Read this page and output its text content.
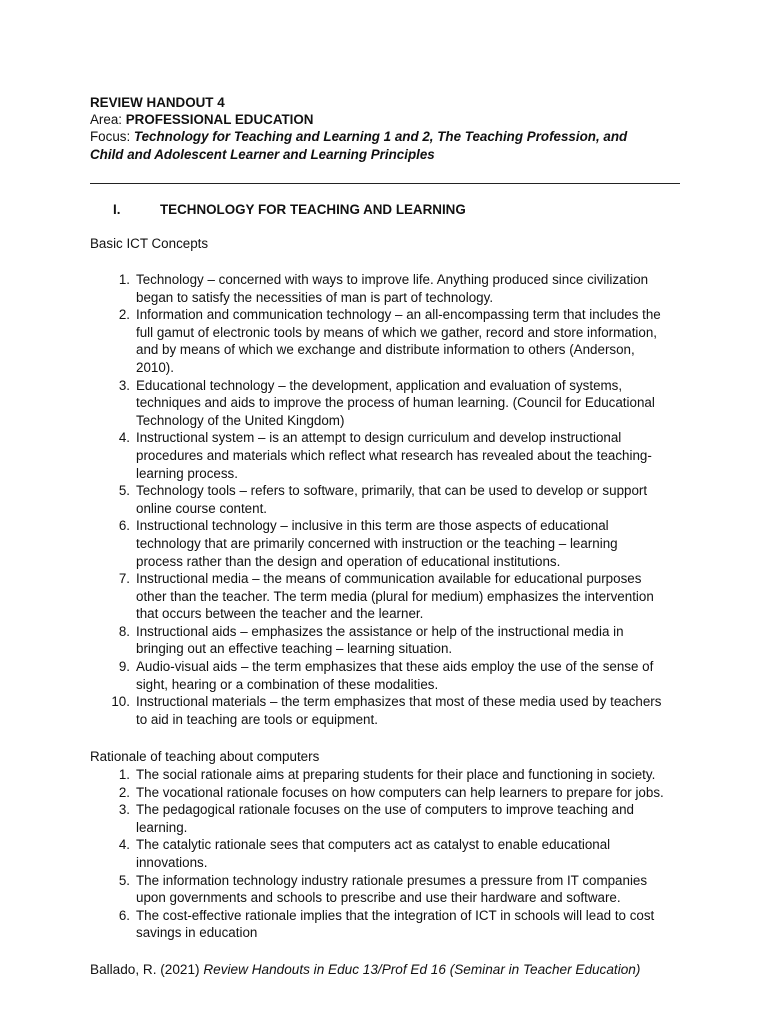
REVIEW HANDOUT 4
Area: PROFESSIONAL EDUCATION
Focus: Technology for Teaching and Learning 1 and 2, The Teaching Profession, and
Child and Adolescent Learner and Learning Principles
I.	TECHNOLOGY FOR TEACHING AND LEARNING
Basic ICT Concepts
1 . Technology – concerned with ways to improve life. Anything produced since civilization
began to satisfy the necessities of man is part of technology.
2 . Information and communication technology – an all-encompassing term that includes the
full gamut of electronic tools by means of which we gather, record and store information,
and by means of which we exchange and distribute information to others (Anderson,
2010).
3 . Educational technology – the development, application and evaluation of systems,
techniques and aids to improve the process of human learning. (Council for Educational
Technology of the United Kingdom)
4 . Instructional system – is an attempt to design curriculum and develop instructional
procedures and materials which reflect what research has revealed about the teaching-
learning process.
5 . Technology tools – refers to software, primarily, that can be used to develop or support
online course content.
6 . Instructional technology – inclusive in this term are those aspects of educational
technology that are primarily concerned with instruction or the teaching – learning
process rather than the design and operation of educational institutions.
7 . Instructional media – the means of communication available for educational purposes
other than the teacher. The term media (plural for medium) emphasizes the intervention
that occurs between the teacher and the learner.
8 . Instructional aids – emphasizes the assistance or help of the instructional media in
bringing out an effective teaching – learning situation.
9 . Audio-visual aids – the term emphasizes that these aids employ the use of the sense of
sight, hearing or a combination of these modalities.
10 . Instructional materials – the term emphasizes that most of these media used by teachers
to aid in teaching are tools or equipment.
Rationale of teaching about computers
1 . The social rationale aims at preparing students for their place and functioning in society.
2 . The vocational rationale focuses on how computers can help learners to prepare for jobs.
3 . The pedagogical rationale focuses on the use of computers to improve teaching and
learning.
4 . The catalytic rationale sees that computers act as catalyst to enable educational
innovations.
5 . The information technology industry rationale presumes a pressure from IT companies
upon governments and schools to prescribe and use their hardware and software.
6 . The cost-effective rationale implies that the integration of ICT in schools will lead to cost
savings in education
Ballado, R. (2021) Review Handouts in Educ 13/Prof Ed 16 (Seminar in Teacher Education)
